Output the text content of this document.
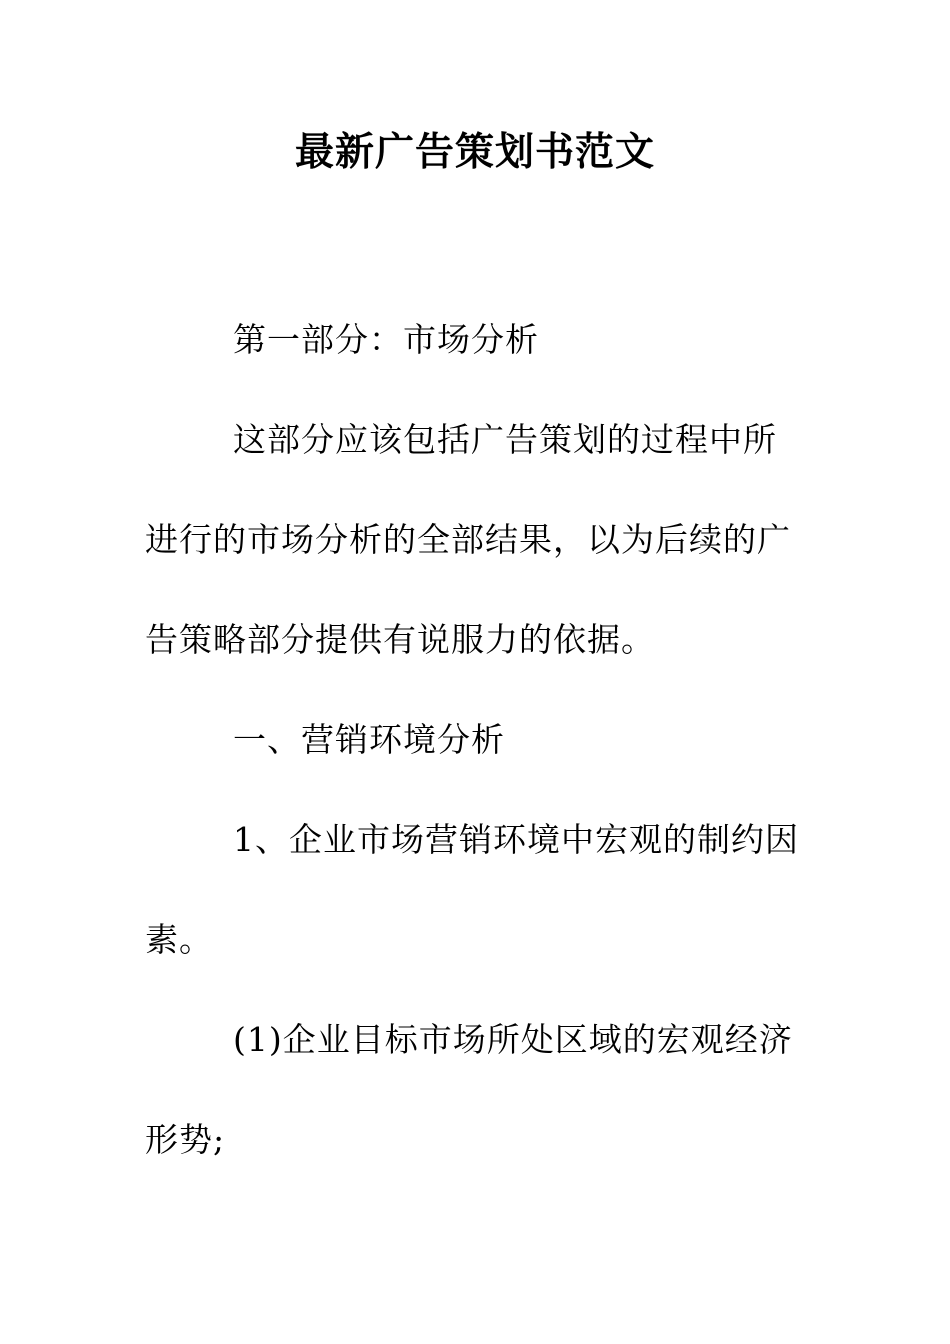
最新广告策划书范文

第一部分：市场分析

这部分应该包括广告策划的过程中所进行的市场分析的全部结果，以为后续的广告策略部分提供有说服力的依据。

一、营销环境分析

1、企业市场营销环境中宏观的制约因素。

(1)企业目标市场所处区域的宏观经济形势;
